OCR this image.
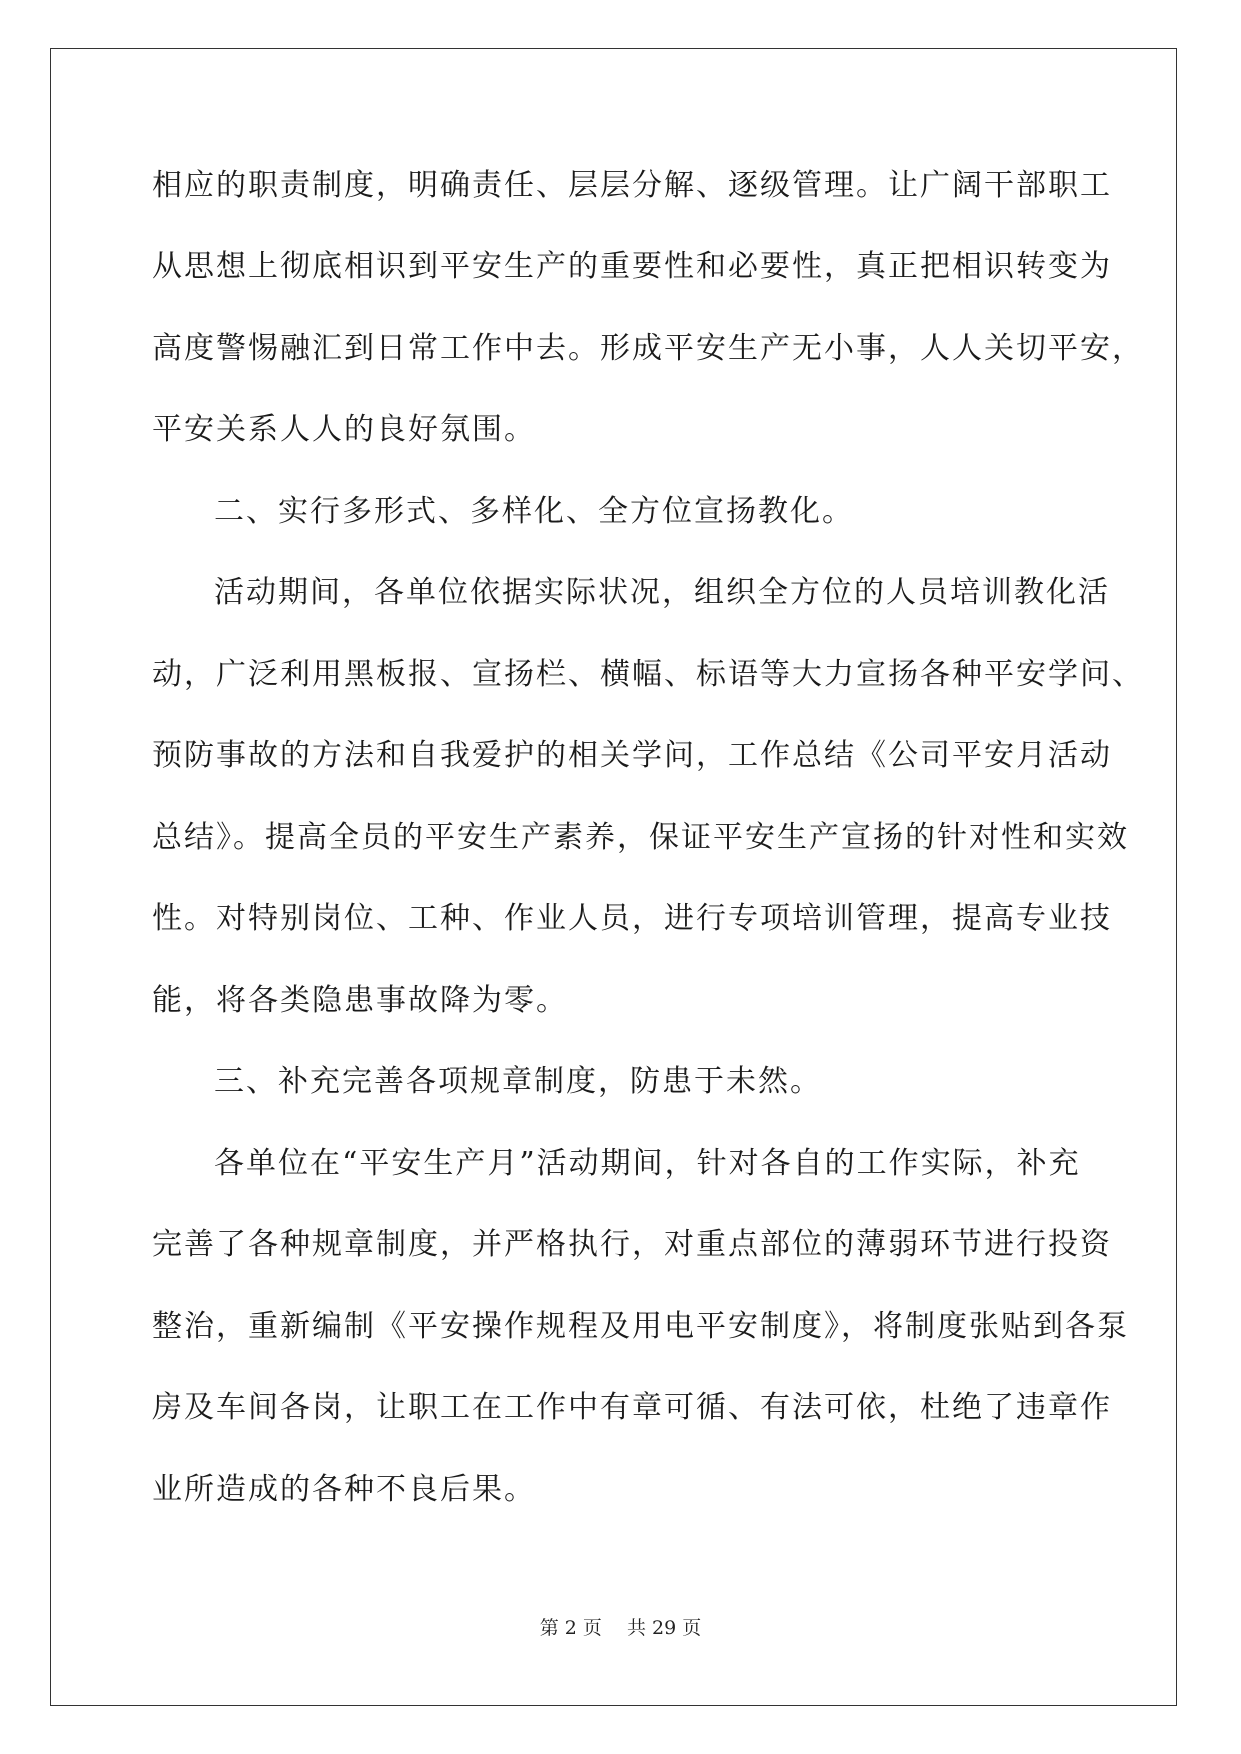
相应的职责制度，明确责任、层层分解、逐级管理。让广阔干部职工
从思想上彻底相识到平安生产的重要性和必要性，真正把相识转变为
高度警惕融汇到日常工作中去。形成平安生产无小事，人人关切平安，
平安关系人人的良好氛围。
二、实行多形式、多样化、全方位宣扬教化。
活动期间，各单位依据实际状况，组织全方位的人员培训教化活
动，广泛利用黑板报、宣扬栏、横幅、标语等大力宣扬各种平安学问、
预防事故的方法和自我爱护的相关学问，工作总结《公司平安月活动
总结》。提高全员的平安生产素养，保证平安生产宣扬的针对性和实效
性。对特别岗位、工种、作业人员，进行专项培训管理，提高专业技
能，将各类隐患事故降为零。
三、补充完善各项规章制度，防患于未然。
各单位在“平安生产月”活动期间，针对各自的工作实际，补充
完善了各种规章制度，并严格执行，对重点部位的薄弱环节进行投资
整治，重新编制《平安操作规程及用电平安制度》，将制度张贴到各泵
房及车间各岗，让职工在工作中有章可循、有法可依，杜绝了违章作
业所造成的各种不良后果。
第 2 页　 共 29 页
